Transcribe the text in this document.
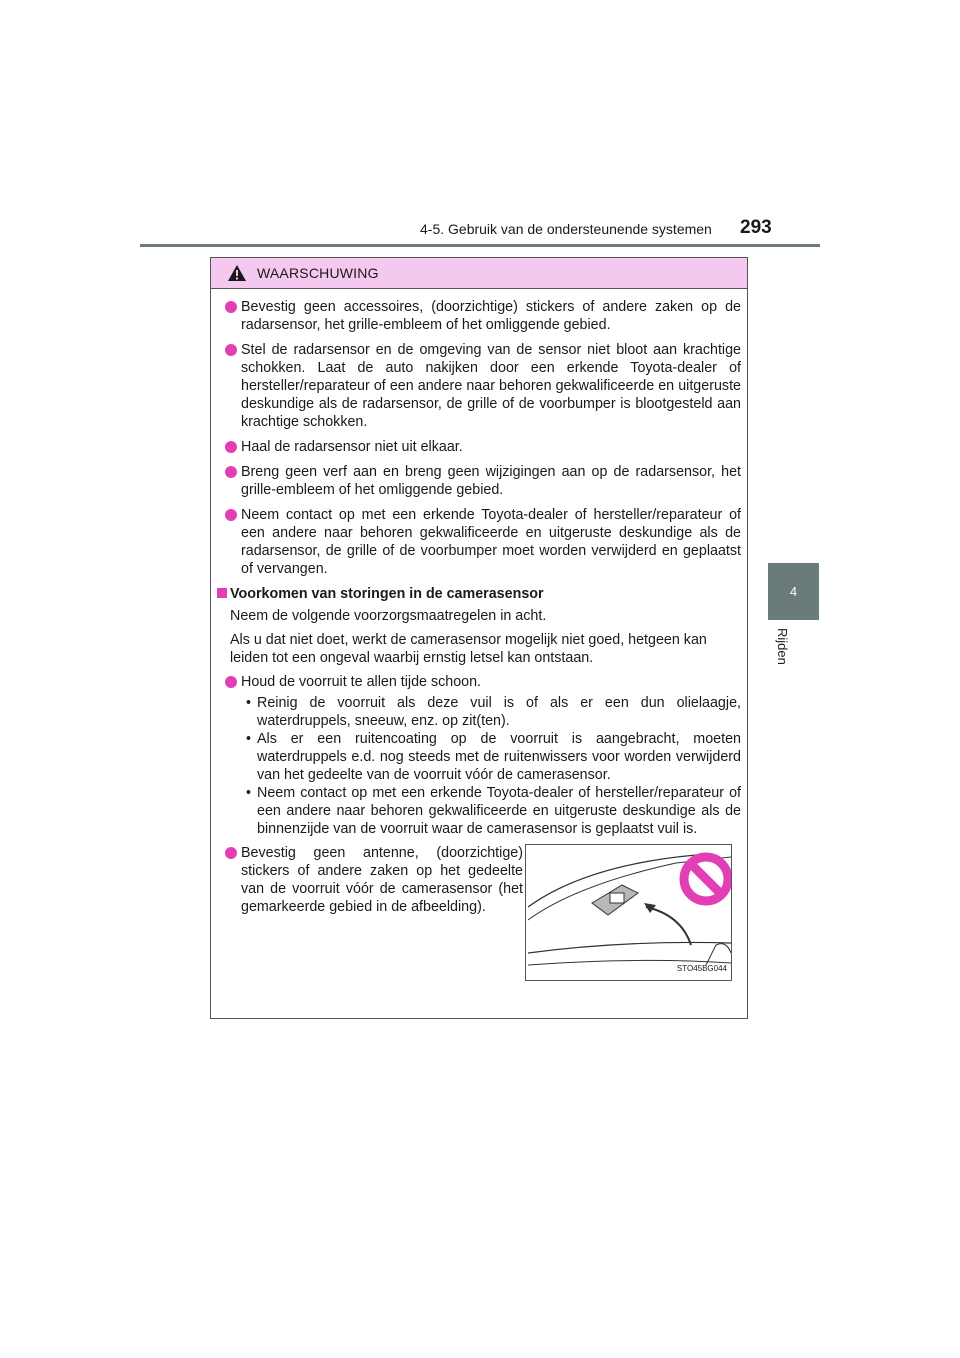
4-5. Gebruik van de ondersteunende systemen 293
4
Rijden
WAARSCHUWING
Bevestig geen accessoires, (doorzichtige) stickers of andere zaken op de radarsensor, het grille-embleem of het omliggende gebied.
Stel de radarsensor en de omgeving van de sensor niet bloot aan krachtige schokken. Laat de auto nakijken door een erkende Toyota-dealer of hersteller/reparateur of een andere naar behoren gekwalificeerde en uitgeruste deskundige als de radarsensor, de grille of de voorbumper is blootgesteld aan krachtige schokken.
Haal de radarsensor niet uit elkaar.
Breng geen verf aan en breng geen wijzigingen aan op de radarsensor, het grille-embleem of het omliggende gebied.
Neem contact op met een erkende Toyota-dealer of hersteller/reparateur of een andere naar behoren gekwalificeerde en uitgeruste deskundige als de radarsensor, de grille of de voorbumper moet worden verwijderd en geplaatst of vervangen.
Voorkomen van storingen in de camerasensor
Neem de volgende voorzorgsmaatregelen in acht.
Als u dat niet doet, werkt de camerasensor mogelijk niet goed, hetgeen kan leiden tot een ongeval waarbij ernstig letsel kan ontstaan.
Houd de voorruit te allen tijde schoon.
• Reinig de voorruit als deze vuil is of als er een dun olielaagje, waterdruppels, sneeuw, enz. op zit(ten).
• Als er een ruitencoating op de voorruit is aangebracht, moeten waterdruppels e.d. nog steeds met de ruitenwissers voor worden verwijderd van het gedeelte van de voorruit vóór de camerasensor.
• Neem contact op met een erkende Toyota-dealer of hersteller/reparateur of een andere naar behoren gekwalificeerde en uitgeruste deskundige als de binnenzijde van de voorruit waar de camerasensor is geplaatst vuil is.
Bevestig geen antenne, (doorzichtige) stickers of andere zaken op het gedeelte van de voorruit vóór de camerasensor (het gemarkeerde gebied in de afbeelding).
STO45BG044
